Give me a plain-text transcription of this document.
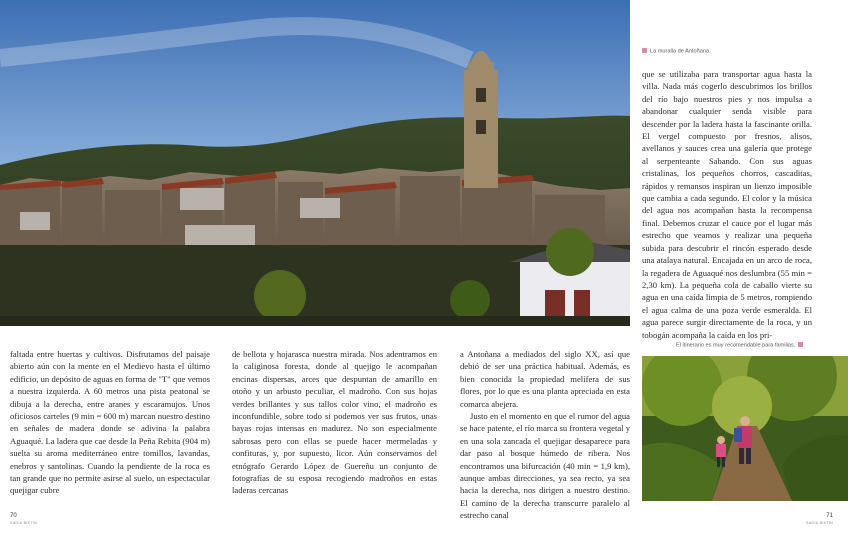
La muralla de Antoñana.

que se utilizaba para transportar agua hasta la villa. Nada más cogerlo descubrimos los brillos del río bajo nuestros pies y nos impulsa a abandonar cualquier senda visible para descender por la ladera hasta la fascinante orilla. El vergel compuesto por fresnos, alisos, avellanos y sauces crea una galería que protege al serpenteante Sabando. Con sus aguas cristalinas, los pequeños chorros, cascaditas, rápidos y remansos inspiran un lienzo imposible que cambia a cada segundo. El color y la música del agua nos acompañan hasta la recompensa final. Debemos cruzar el cauce por el lugar más estrecho que veamos y realizar una pequeña subida para descubrir el rincón esperado desde una atalaya natural. Encajada en un arco de roca, la regadera de Aguaqué nos deslumbra (55 min = 2,30 km). La pequeña cola de caballo vierte su agua en una caída limpia de 5 metros, rompiendo el agua calma de una poza verde esmeralda. El agua parece surgir directamente de la roca, y un tobogán acompaña la caída en los pri-

faltada entre huertas y cultivos. Disfrutamos del paisaje abierto aún con la mente en el Medievo hasta el último edificio, un depósito de aguas en forma de "T" que vemos a nuestra izquierda. A 60 metros una pista peatonal se dibuja a la derecha, entre aranes y escaramujos. Unos oficiosos carteles (9 min = 600 m) marcan nuestro destino en señales de madera donde se adivina la palabra Aguaqué. La ladera que cae desde la Peña Rebita (904 m) suelta su aroma mediterráneo entre tomillos, lavandas, enebros y santolinas. Cuando la pendiente de la roca es tan grande que no permite asirse al suelo, un espectacular quejigar cubre

de bellota y hojarasca nuestra mirada. Nos adentramos en la caliginosa foresta, donde al quejigo le acompañan encinas dispersas, arces que despuntan de amarillo en otoño y un arbusto peculiar, el madroño. Con sus hojas verdes brillantes y sus tallos color vino, el madroño es inconfundible, sobre todo si podemos ver sus frutos, unas bayas rojas intensas en madurez. No son especialmente sabrosas pero con ellas se puede hacer mermeladas y confituras, y, por supuesto, licor. Aún conservamos del etnógrafo Gerardo López de Guereñu un conjunto de fotografías de su esposa recogiendo madroños en estas laderas cercanas

a Antoñana a mediados del siglo XX, así que debió de ser una práctica habitual. Además, es bien conocida la propiedad melífera de sus flores, por lo que es una planta apreciada en esta comarca abejera.

Justo en el momento en que el rumor del agua se hace patente, el río marca su frontera vegetal y en una sola zancada el quejigar desaparece para dar paso al bosque húmedo de ribera. Nos encontramos una bifurcación (40 min = 1,9 km), aunque ambas direcciones, ya sea recto, ya sea hacia la derecha, nos dirigen a nuestro destino. El camino de la derecha transcurre paralelo al estrecho canal

El itinerario es muy recomendable para familias.
70
SAGIA BIKTIN
71
SAGIA BIKTIN
